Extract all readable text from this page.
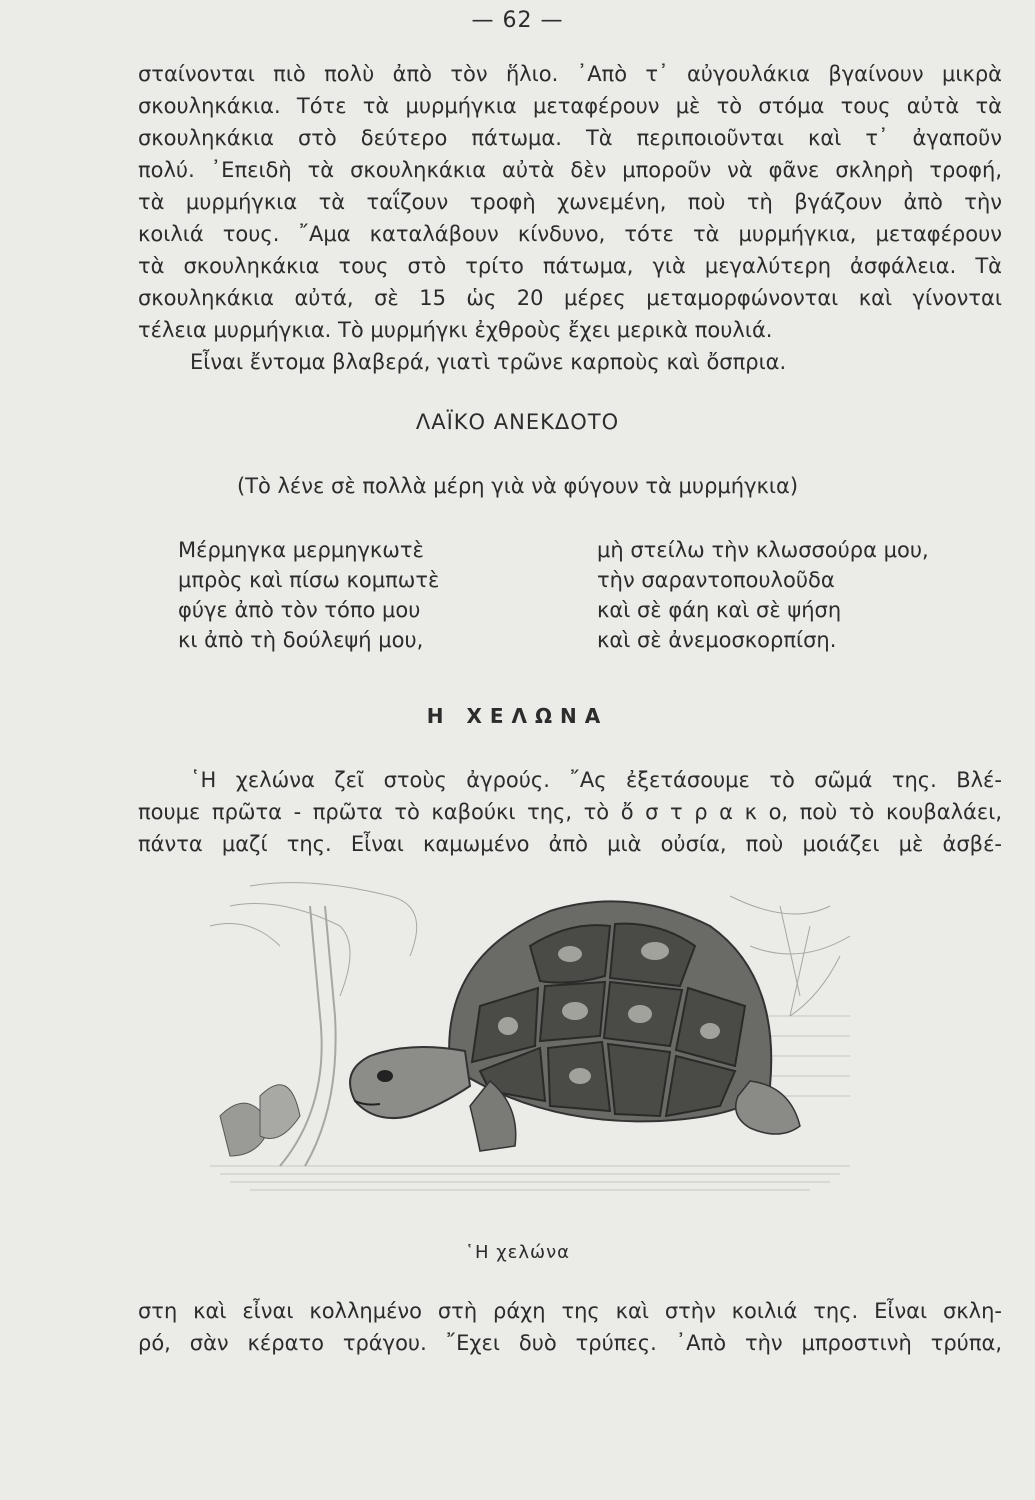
— 62 —
σταίνονται πιὸ πολὺ ἀπὸ τὸν ἥλιο. ᾿Απὸ τ᾿ αὐγουλάκια βγαίνουν μικρὰ
σκουληκάκια. Τότε τὰ μυρμήγκια μεταφέρουν μὲ τὸ στόμα τους αὐτὰ τὰ
σκουληκάκια στὸ δεύτερο πάτωμα. Τὰ περιποιοῦνται καὶ τ᾿ ἀγαποῦν
πολύ. ᾿Επειδὴ τὰ σκουληκάκια αὐτὰ δὲν μποροῦν νὰ φᾶνε σκληρὴ τροφή,
τὰ μυρμήγκια τὰ ταΐζουν τροφὴ χωνεμένη, ποὺ τὴ βγάζουν ἀπὸ τὴν
κοιλιά τους. ῎Αμα καταλάβουν κίνδυνο, τότε τὰ μυρμήγκια, μεταφέρουν
τὰ σκουληκάκια τους στὸ τρίτο πάτωμα, γιὰ μεγαλύτερη ἀσφάλεια. Τὰ
σκουληκάκια αὐτά, σὲ 15 ὡς 20 μέρες μεταμορφώνονται καὶ γίνονται
τέλεια μυρμήγκια. Τὸ μυρμήγκι ἐχθροὺς ἔχει μερικὰ πουλιά.
Εἶναι ἔντομα βλαβερά, γιατὶ τρῶνε καρποὺς καὶ ὄσπρια.
ΛΑΪΚΟ ΑΝΕΚΔΟΤΟ
(Τὸ λένε σὲ πολλὰ μέρη γιὰ νὰ φύγουν τὰ μυρμήγκια)
Μέρμηγκα μερμηγκωτὲ
μπρὸς καὶ πίσω κομπωτὲ
φύγε ἀπὸ τὸν τόπο μου
κι ἀπὸ τὴ δούλεψή μου,
μὴ στείλω τὴν κλωσσούρα μου,
τὴν σαραντοπουλοῦδα
καὶ σὲ φάη καὶ σὲ ψήση
καὶ σὲ ἀνεμοσκορπίση.
Η ΧΕΛΩΝΑ
῾Η χελώνα ζεῖ στοὺς ἀγρούς. ῎Ας ἐξετάσουμε τὸ σῶμά της. Βλέ-
πουμε πρῶτα - πρῶτα τὸ καβούκι της, τὸ ὄ σ τ ρ α κ ο, ποὺ τὸ κουβαλάει,
πάντα μαζί της. Εἶναι καμωμένο ἀπὸ μιὰ οὐσία, ποὺ μοιάζει μὲ ἀσβέ-
῾Η χελώνα
στη καὶ εἶναι κολλημένο στὴ ράχη της καὶ στὴν κοιλιά της. Εἶναι σκλη-
ρό, σὰν κέρατο τράγου. ῎Εχει δυὸ τρύπες. ᾿Απὸ τὴν μπροστινὴ τρύπα,
